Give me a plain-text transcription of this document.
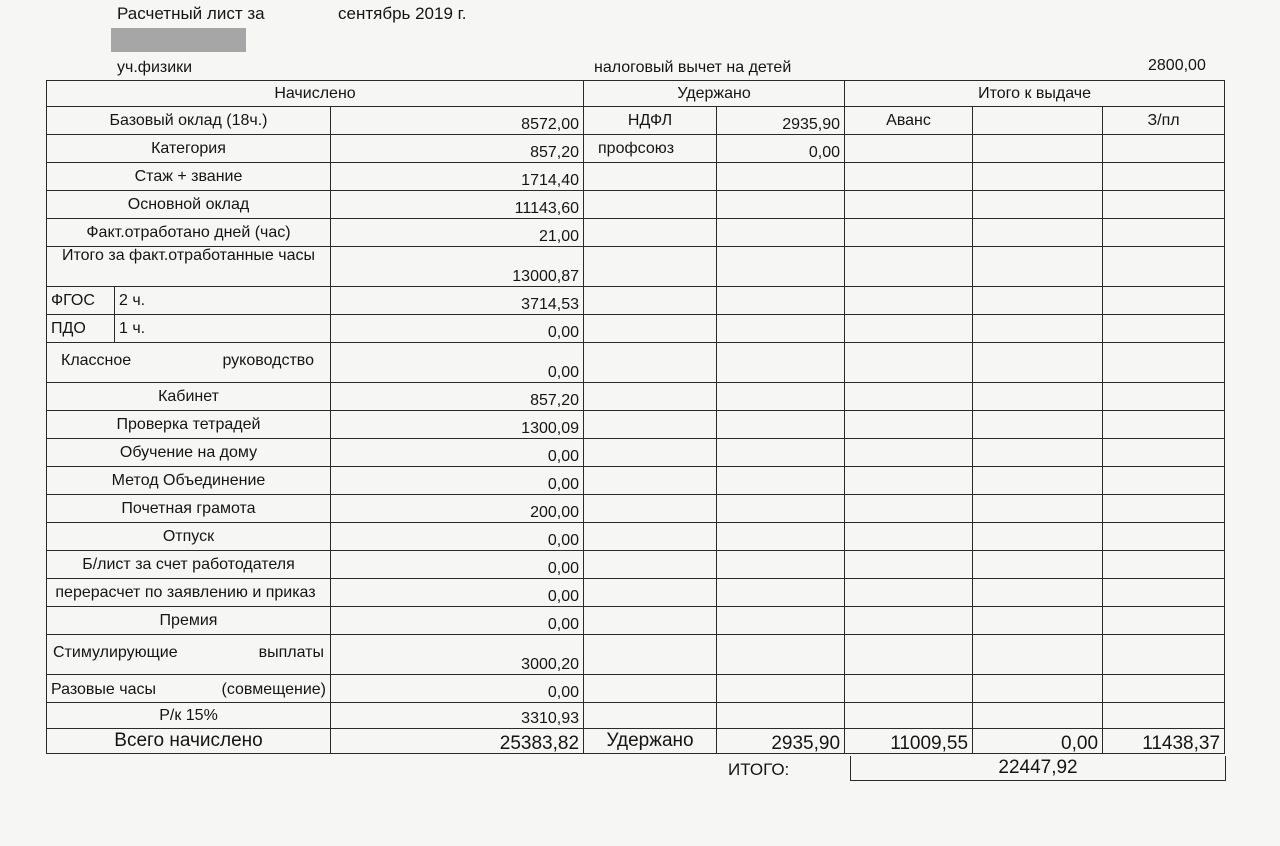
Расчетный лист за	сентябрь 2019 г.
уч.физики	налоговый вычет на детей	2800,00
Начислено			Удержано		Итого к выдаче		
Базовый оклад (18ч.)		8572,00	НДФЛ	2935,90	Аванс		З/пл
Категория		857,20	профсоюз	0,00			
Стаж + звание		1714,40					
Основной оклад		11143,60					
Факт.отработано дней (час)		21,00					
Итого за факт.отработанные часы		13000,87					
ФГОС	2 ч.	3714,53					
ПДО	1 ч.	0,00					

Классное руководство		0,00					
Кабинет		857,20					
Проверка тетрадей		1300,09					
Обучение на дому		0,00					
Метод Объединение		0,00					
Почетная грамота		200,00					
Отпуск		0,00					
Б/лист за счет работодателя		0,00					
перерасчет по заявлению и приказ		0,00					
Премия		0,00					

Стимулирующие выплаты		3000,20					

Разовые часы (совмещение)		0,00					
Р/к 15%		3310,93					
Всего начислено		25383,82	Удержано	2935,90	11009,55	0,00	11438,37
ИТОГО:	22447,92
